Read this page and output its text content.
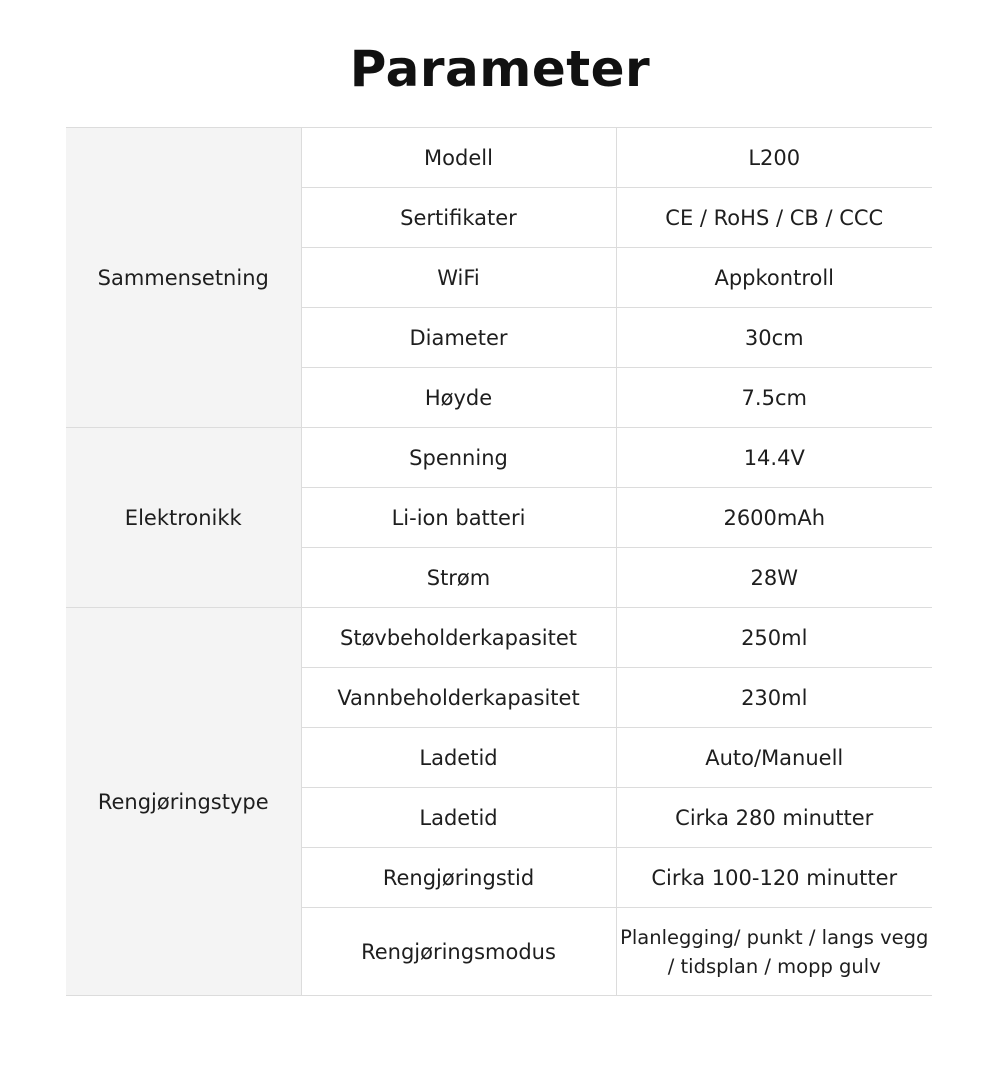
Parameter
Sammensetning	Modell	L200
	Sertifikater	CE / RoHS / CB / CCC
	WiFi	Appkontroll
	Diameter	30cm
	Høyde	7.5cm
Elektronikk	Spenning	14.4V
	Li-ion batteri	2600mAh
	Strøm	28W
Rengjøringstype	Støvbeholderkapasitet	250ml
	Vannbeholderkapasitet	230ml
	Ladetid	Auto/Manuell
	Ladetid	Cirka 280 minutter
	Rengjøringstid	Cirka 100-120 minutter
	Rengjøringsmodus	Planlegging/ punkt / langs vegg / tidsplan / mopp gulv
